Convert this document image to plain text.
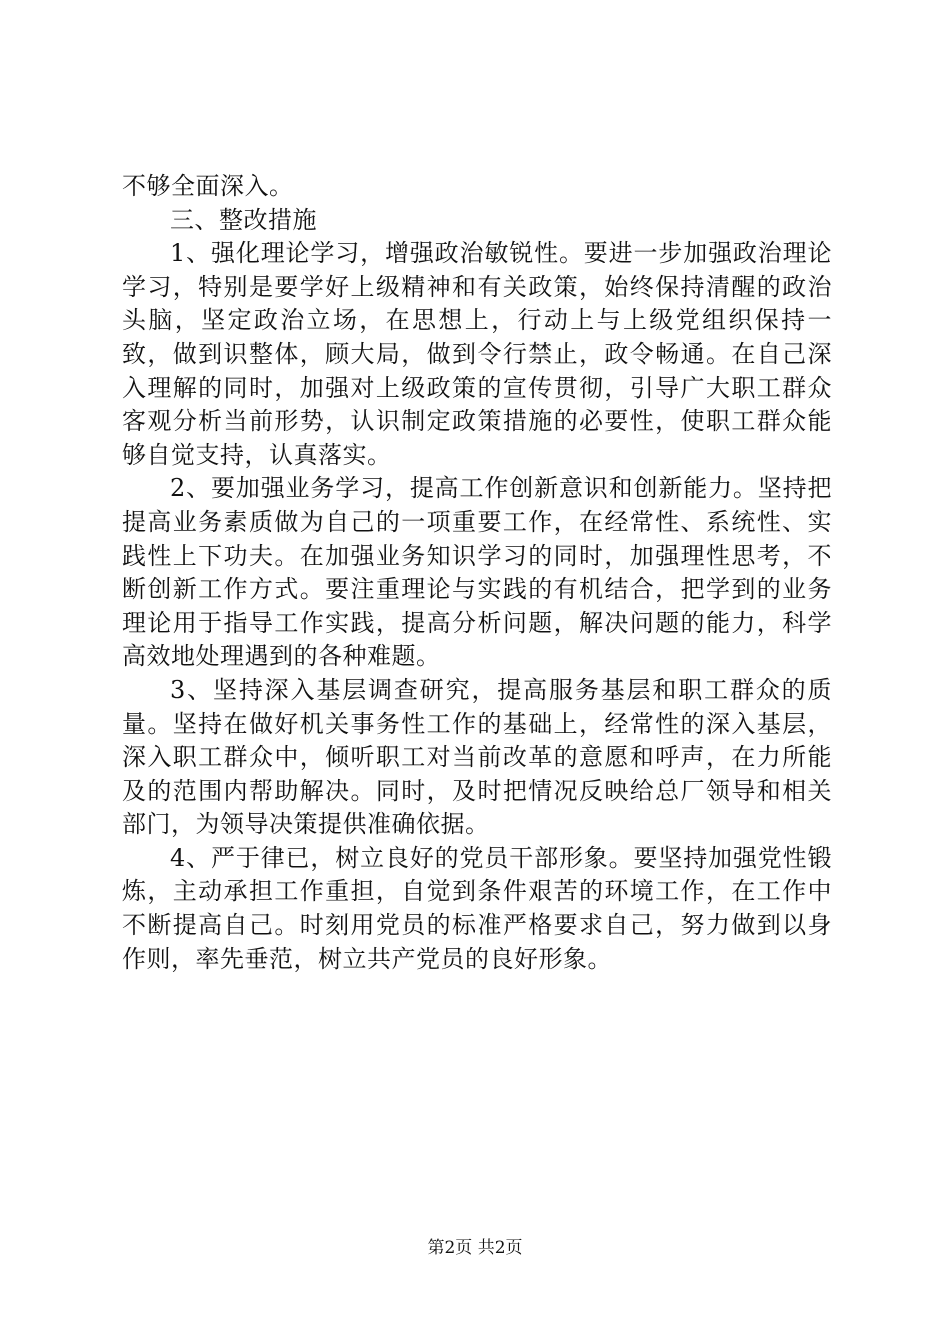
不够全面深入。

三、整改措施

1、强化理论学习，增强政治敏锐性。要进一步加强政治理论学习，特别是要学好上级精神和有关政策，始终保持清醒的政治头脑，坚定政治立场，在思想上，行动上与上级党组织保持一致，做到识整体，顾大局，做到令行禁止，政令畅通。在自己深入理解的同时，加强对上级政策的宣传贯彻，引导广大职工群众客观分析当前形势，认识制定政策措施的必要性，使职工群众能够自觉支持，认真落实。

2、要加强业务学习，提高工作创新意识和创新能力。坚持把提高业务素质做为自己的一项重要工作，在经常性、系统性、实践性上下功夫。在加强业务知识学习的同时，加强理性思考，不断创新工作方式。要注重理论与实践的有机结合，把学到的业务理论用于指导工作实践，提高分析问题，解决问题的能力，科学高效地处理遇到的各种难题。

3、坚持深入基层调查研究，提高服务基层和职工群众的质量。坚持在做好机关事务性工作的基础上，经常性的深入基层，深入职工群众中，倾听职工对当前改革的意愿和呼声，在力所能及的范围内帮助解决。同时，及时把情况反映给总厂领导和相关部门，为领导决策提供准确依据。

4、严于律已，树立良好的党员干部形象。要坚持加强党性锻炼，主动承担工作重担，自觉到条件艰苦的环境工作，在工作中不断提高自己。时刻用党员的标准严格要求自己，努力做到以身作则，率先垂范，树立共产党员的良好形象。

第2页 共2页
